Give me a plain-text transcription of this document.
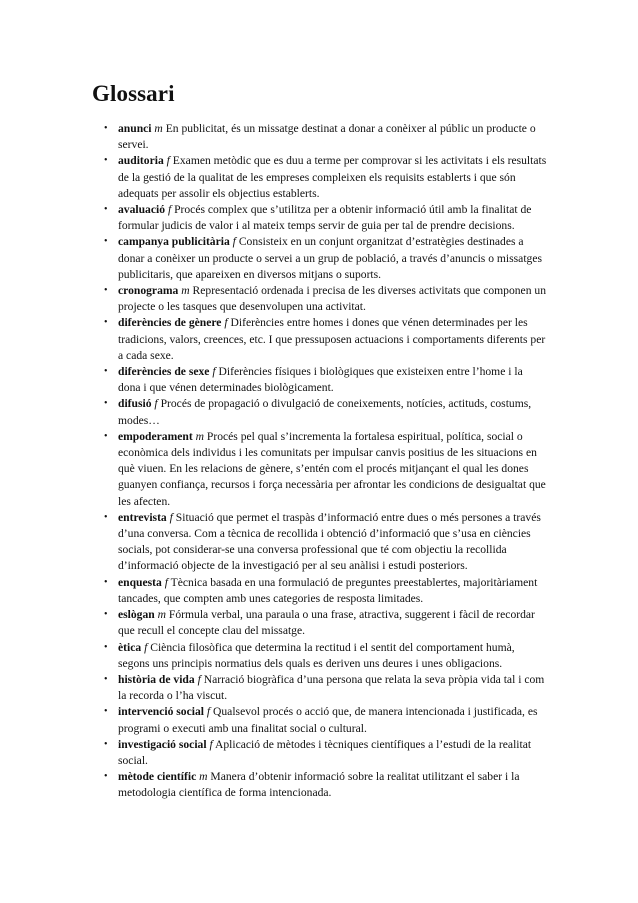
Glossari
• anunci m En publicitat, és un missatge destinat a donar a conèixer al públic un producte o servei.
• auditoria f Examen metòdic que es duu a terme per comprovar si les activitats i els resultats de la gestió de la qualitat de les empreses compleixen els requisits establerts i que són adequats per assolir els objectius establerts.
• avaluació f Procés complex que s’utilitza per a obtenir informació útil amb la finalitat de formular judicis de valor i al mateix temps servir de guia per tal de prendre decisions.
• campanya publicitària f Consisteix en un conjunt organitzat d’estratègies destinades a donar a conèixer un producte o servei a un grup de població, a través d’anuncis o missatges publicitaris, que apareixen en diversos mitjans o suports.
• cronograma m Representació ordenada i precisa de les diverses activitats que componen un projecte o les tasques que desenvolupen una activitat.
• diferències de gènere f Diferències entre homes i dones que vénen determinades per les tradicions, valors, creences, etc. I que pressuposen actuacions i comportaments diferents per a cada sexe.
• diferències de sexe f Diferències físiques i biològiques que existeixen entre l’home i la dona i que vénen determinades biològicament.
• difusió f Procés de propagació o divulgació de coneixements, notícies, actituds, costums, modes…
• empoderament m Procés pel qual s’incrementa la fortalesa espiritual, política, social o econòmica dels individus i les comunitats per impulsar canvis positius de les situacions en què viuen. En les relacions de gènere, s’entén com el procés mitjançant el qual les dones guanyen confiança, recursos i força necessària per afrontar les condicions de desigualtat que les afecten.
• entrevista f Situació que permet el traspàs d’informació entre dues o més persones a través d’una conversa. Com a tècnica de recollida i obtenció d’informació que s’usa en ciències socials, pot considerar-se una conversa professional que té com objectiu la recollida d’informació objecte de la investigació per al seu anàlisi i estudi posteriors.
• enquesta f Tècnica basada en una formulació de preguntes preestablertes, majoritàriament tancades, que compten amb unes categories de resposta limitades.
• eslògan m Fórmula verbal, una paraula o una frase, atractiva, suggerent i fàcil de recordar que recull el concepte clau del missatge.
• ètica f Ciència filosòfica que determina la rectitud i el sentit del comportament humà, segons uns principis normatius dels quals es deriven uns deures i unes obligacions.
• història de vida f Narració biogràfica d’una persona que relata la seva pròpia vida tal i com la recorda o l’ha viscut.
• intervenció social f Qualsevol procés o acció que, de manera intencionada i justificada, es programi o executi amb una finalitat social o cultural.
• investigació social f Aplicació de mètodes i tècniques científiques a l’estudi de la realitat social.
• mètode científic m Manera d’obtenir informació sobre la realitat utilitzant el saber i la metodologia científica de forma intencionada.
